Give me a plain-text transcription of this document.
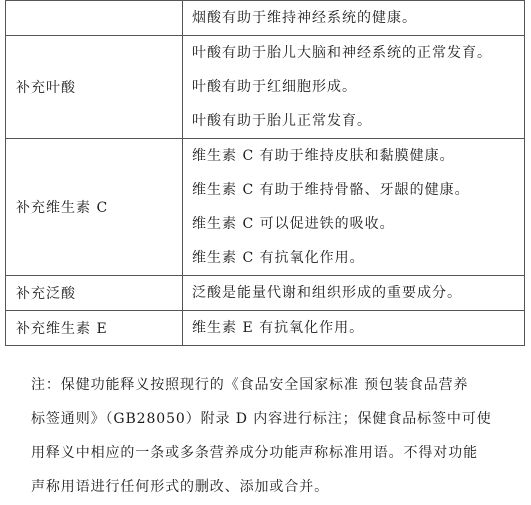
	烟酸有助于维持神经系统的健康。

补充叶酸	叶酸有助于胎儿大脑和神经系统的正常发育。
叶酸有助于红细胞形成。
叶酸有助于胎儿正常发育。

补充维生素 C	维生素 C 有助于维持皮肤和黏膜健康。
维生素 C 有助于维持骨骼、牙龈的健康。
维生素 C 可以促进铁的吸收。
维生素 C 有抗氧化作用。

补充泛酸	泛酸是能量代谢和组织形成的重要成分。

补充维生素 E	维生素 E 有抗氧化作用。

注：保健功能释义按照现行的《食品安全国家标准 预包装食品营养

标签通则》（GB28050）附录 D 内容进行标注；保健食品标签中可使

用释义中相应的一条或多条营养成分功能声称标准用语。不得对功能

声称用语进行任何形式的删改、添加或合并。
